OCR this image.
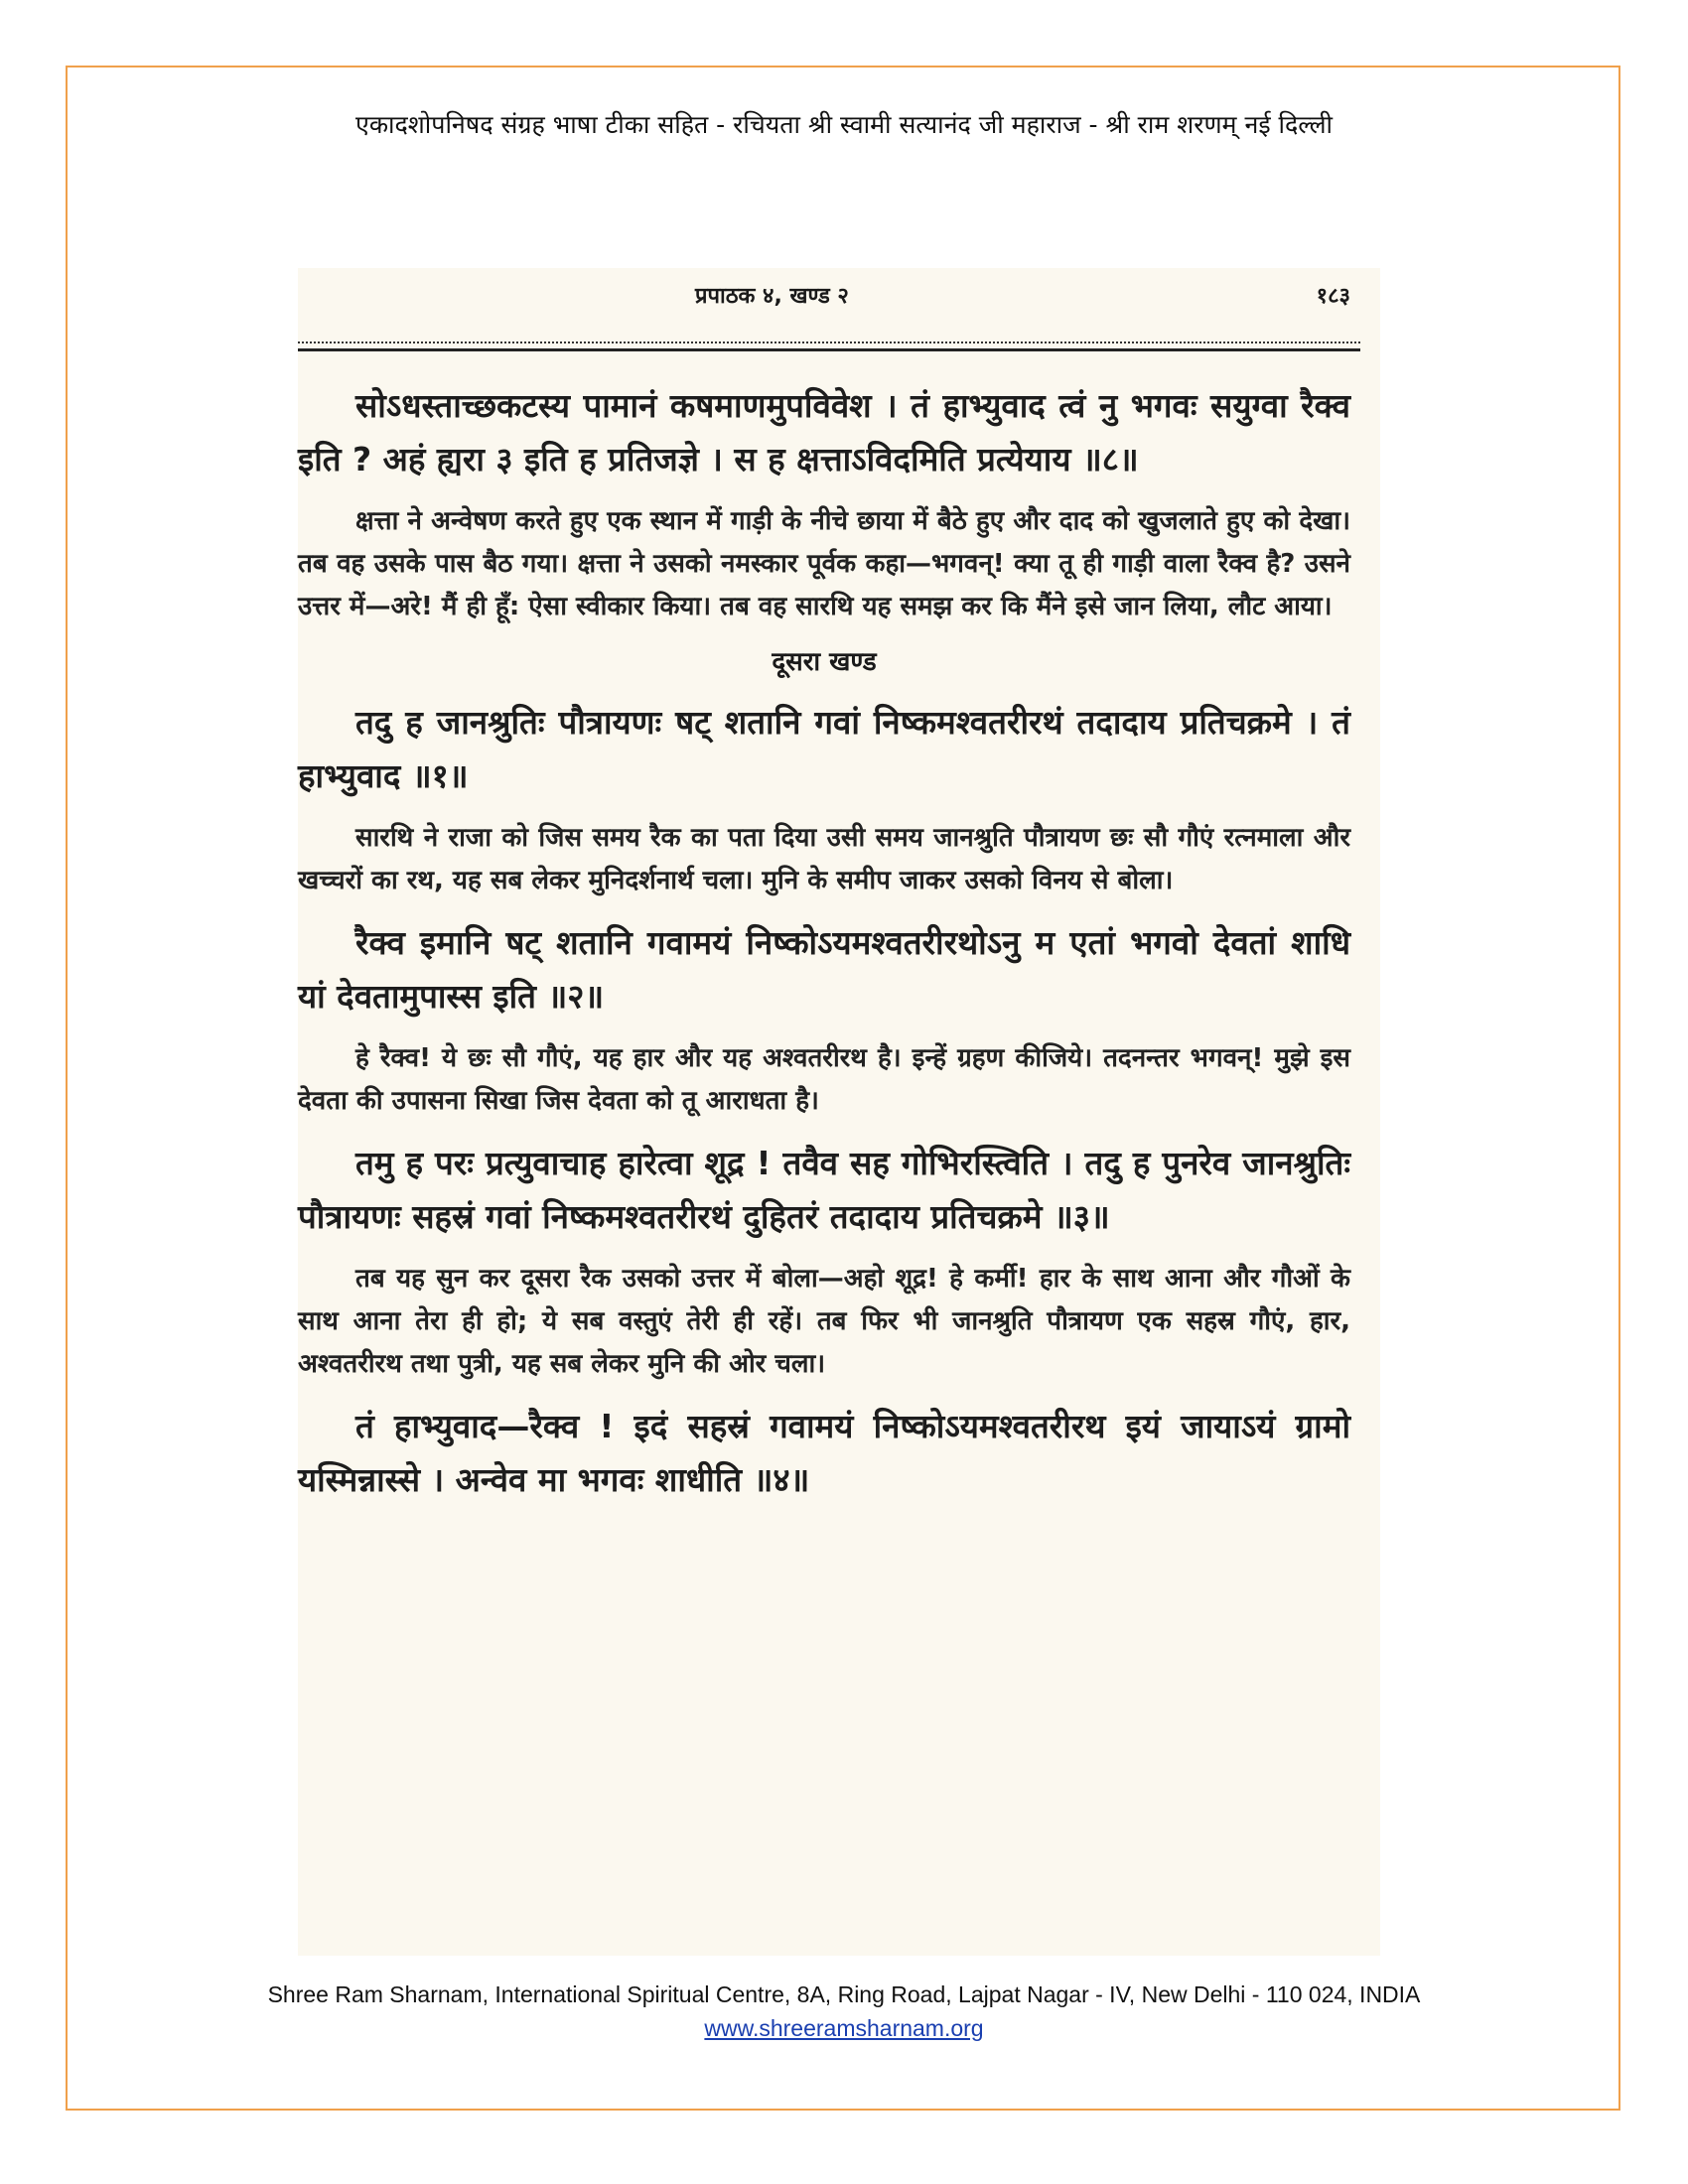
एकादशोपनिषद संग्रह भाषा टीका सहित - रचियता श्री स्वामी सत्यानंद जी महाराज - श्री राम शरणम् नई दिल्ली
प्रपाठक ४, खण्ड २	१८३

सोऽधस्ताच्छकटस्य पामानं कषमाणमुपविवेश । तं हाभ्युवाद त्वं नु भगवः सयुग्वा रैक्व इति ? अहं ह्यरा ३ इति ह प्रतिजज्ञे । स ह क्षत्ताऽविदमिति प्रत्येयाय ॥८॥

क्षत्ता ने अन्वेषण करते हुए एक स्थान में गाड़ी के नीचे छाया में बैठे हुए और दाद को खुजलाते हुए को देखा। तब वह उसके पास बैठ गया। क्षत्ता ने उसको नमस्कार पूर्वक कहा—भगवन्! क्या तू ही गाड़ी वाला रैक्व है? उसने उत्तर में—अरे! मैं ही हूँ: ऐसा स्वीकार किया। तब वह सारथि यह समझ कर कि मैंने इसे जान लिया, लौट आया।

दूसरा खण्ड

तदु ह जानश्रुतिः पौत्रायणः षट् शतानि गवां निष्कमश्वतरीरथं तदादाय प्रतिचक्रमे । तं हाभ्युवाद ॥१॥

सारथि ने राजा को जिस समय रैक का पता दिया उसी समय जानश्रुति पौत्रायण छः सौ गौएं रत्नमाला और खच्चरों का रथ, यह सब लेकर मुनिदर्शनार्थ चला। मुनि के समीप जाकर उसको विनय से बोला।

रैक्व इमानि षट् शतानि गवामयं निष्कोऽयमश्वतरीरथोऽनु म एतां भगवो देवतां शाधि यां देवतामुपास्स इति ॥२॥

हे रैक्व! ये छः सौ गौएं, यह हार और यह अश्वतरीरथ है। इन्हें ग्रहण कीजिये। तदनन्तर भगवन्! मुझे इस देवता की उपासना सिखा जिस देवता को तू आराधता है।

तमु ह परः प्रत्युवाचाह हारेत्वा शूद्र ! तवैव सह गोभिरस्त्विति । तदु ह पुनरेव जानश्रुतिः पौत्रायणः सहस्रं गवां निष्कमश्वतरीरथं दुहितरं तदादाय प्रतिचक्रमे ॥३॥

तब यह सुन कर दूसरा रैक उसको उत्तर में बोला—अहो शूद्र! हे कर्मी! हार के साथ आना और गौओं के साथ आना तेरा ही हो; ये सब वस्तुएं तेरी ही रहें। तब फिर भी जानश्रुति पौत्रायण एक सहस्र गौएं, हार, अश्वतरीरथ तथा पुत्री, यह सब लेकर मुनि की ओर चला।

तं हाभ्युवाद—रैक्व ! इदं सहस्रं गवामयं निष्कोऽयमश्वतरीरथ इयं जायाऽयं ग्रामो यस्मिन्नास्से । अन्वेव मा भगवः शाधीति ॥४॥

Shree Ram Sharnam, International Spiritual Centre, 8A, Ring Road, Lajpat Nagar - IV, New Delhi - 110 024, INDIA
www.shreeramsharnam.org
